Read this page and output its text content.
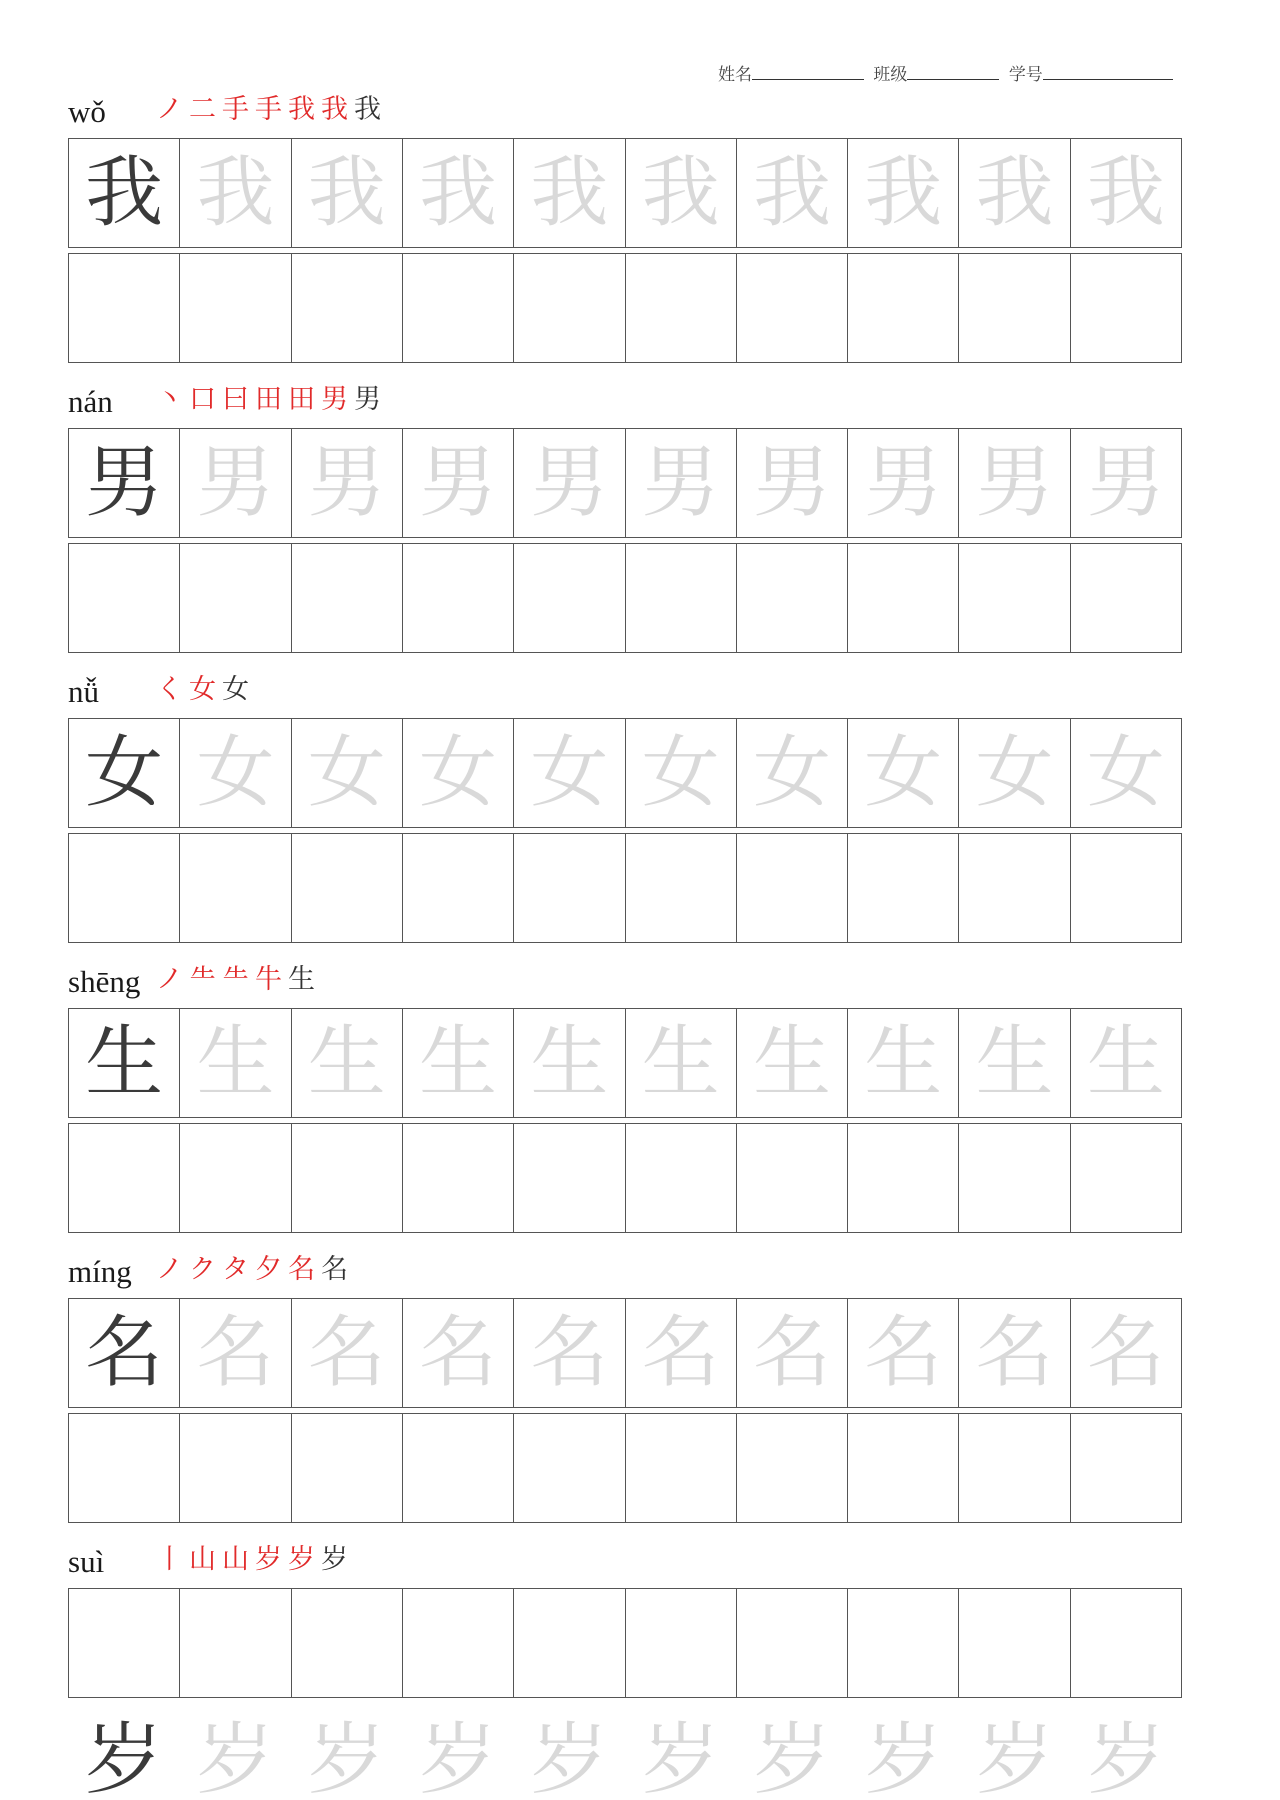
姓名	班级	学号
wǒ ノ 二 手 手 我 我 我
我 我 我 我 我 我 我 我 我 我
nán 丶 口 曰 田 田 男 男
男 男 男 男 男 男 男 男 男 男
nǚ く 女 女
女 女 女 女 女 女 女 女 女 女
shēng ノ ⺧ ⺧ 牛 生
生 生 生 生 生 生 生 生 生 生
míng ノ ク タ 夕 名 名
名 名 名 名 名 名 名 名 名 名
suì 丨 山 山 岁 岁 岁
岁 岁 岁 岁 岁 岁 岁 岁 岁 岁
